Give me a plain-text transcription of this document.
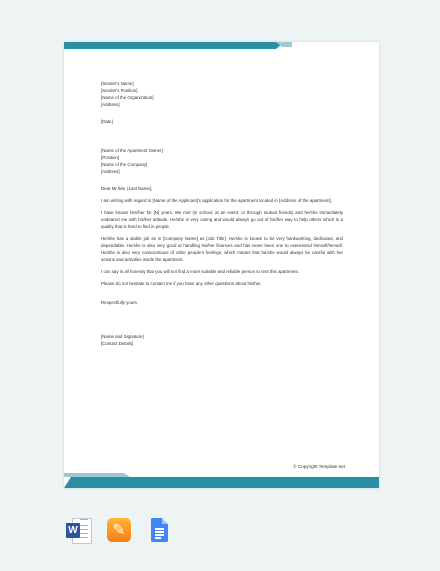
[Sender's Name]
[Sender's Position]
[Name of the Organization]
[Address]
[Date]
[Name of the Apartment Owner]
[Position]
[Name of the Company]
[Address]

Dear Mr./Ms. [Last Name],

I am writing with regard to [Name of the Applicant]'s application for the apartment located in [Address of the apartment].

I have known him/her for [N] years. We met (in school, at an event, or through mutual friends) and he/she immediately endeared me with his/her attitude. He/she is very caring and would always go out of his/her way to help others which is a quality that is hard to find in people.

He/she has a stable job as in [Company Name] as [Job Title]. He/she is known to be very hardworking, dedicated, and dependable. He/she is also very good at handling his/her finances and has never been one to overextend himself/herself. He/she is also very conscientious of other people's feelings, which means that he/she would always be careful with her actions and activities inside the apartment.

I can say in all honesty that you will not find a more suitable and reliable person to rent this apartment.

Please do not hesitate to contact me if you have any other questions about his/her.

Respectfully yours,

[Name and Signature]
[Contact Details]
© Copyright Template.net
W	✎
